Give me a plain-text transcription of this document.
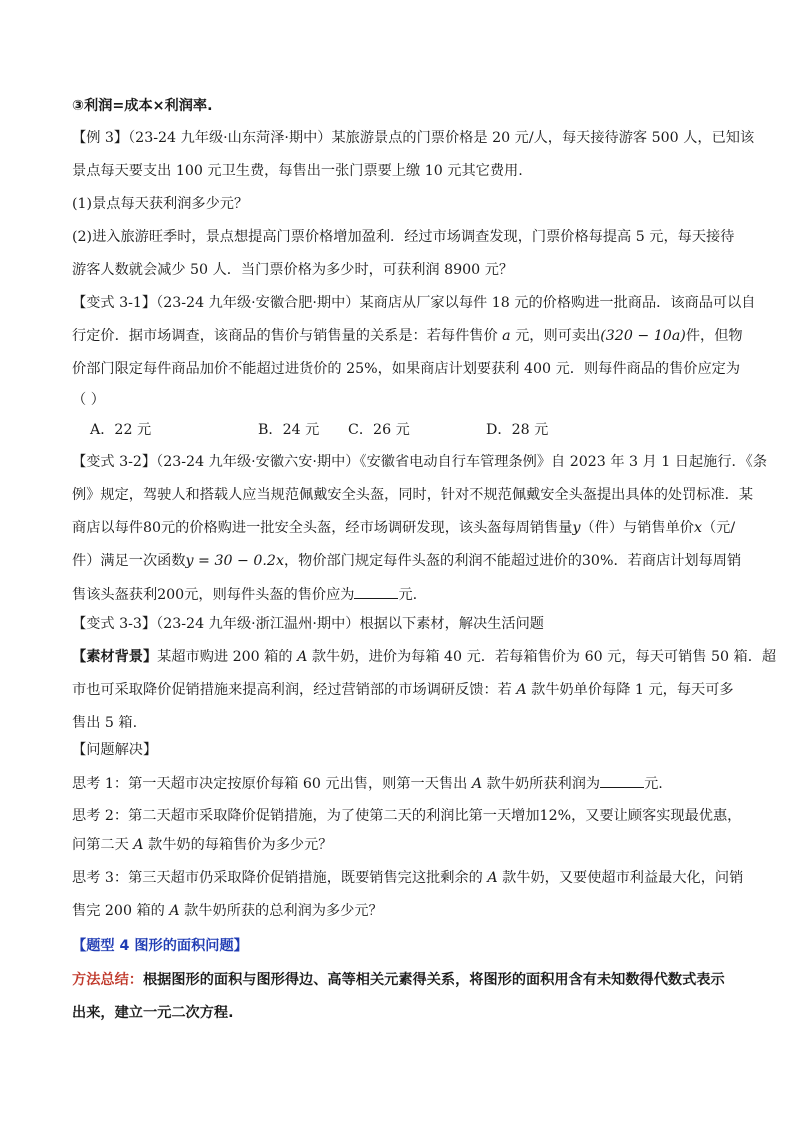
③利润=成本×利润率.

【例 3】（23-24 九年级·山东菏泽·期中）某旅游景点的门票价格是 20 元/人，每天接待游客 500 人，已知该

景点每天要支出 100 元卫生费，每售出一张门票要上缴 10 元其它费用.

(1)景点每天获利润多少元？

(2)进入旅游旺季时，景点想提高门票价格增加盈利．经过市场调查发现，门票价格每提高 5 元，每天接待

游客人数就会减少 50 人．当门票价格为多少时，可获利润 8900 元？

【变式 3-1】（23-24 九年级·安徽合肥·期中）某商店从厂家以每件 18 元的价格购进一批商品．该商品可以自

行定价．据市场调查，该商品的售价与销售量的关系是：若每件售价 a 元，则可卖出(320 − 10a)件，但物

价部门限定每件商品加价不能超过进货价的 25%，如果商店计划要获利 400 元．则每件商品的售价应定为

（ ）

A．22 元	B．24 元 C．26 元	D．28 元

【变式 3-2】（23-24 九年级·安徽六安·期中）《安徽省电动自行车管理条例》自 2023 年 3 月 1 日起施行．《条

例》规定，驾驶人和搭载人应当规范佩戴安全头盔，同时，针对不规范佩戴安全头盔提出具体的处罚标准．某

商店以每件80元的价格购进一批安全头盔，经市场调研发现，该头盔每周销售量y（件）与销售单价x（元/

件）满足一次函数y = 30 − 0.2x，物价部门规定每件头盔的利润不能超过进价的30%．若商店计划每周销

售该头盔获利200元，则每件头盔的售价应为	元.

【变式 3-3】（23-24 九年级·浙江温州·期中）根据以下素材，解决生活问题

【素材背景】某超市购进 200 箱的 A 款牛奶，进价为每箱 40 元．若每箱售价为 60 元，每天可销售 50 箱．超

市也可采取降价促销措施来提高利润，经过营销部的市场调研反馈：若 A 款牛奶单价每降 1 元，每天可多

售出 5 箱.

【问题解决】

思考 1：第一天超市决定按原价每箱 60 元出售，则第一天售出 A 款牛奶所获利润为	元.

思考 2：第二天超市采取降价促销措施，为了使第二天的利润比第一天增加12%，又要让顾客实现最优惠，

问第二天 A 款牛奶的每箱售价为多少元？

思考 3：第三天超市仍采取降价促销措施，既要销售完这批剩余的 A 款牛奶，又要使超市利益最大化，问销

售完 200 箱的 A 款牛奶所获的总利润为多少元？

【题型 4 图形的面积问题】

方法总结：根据图形的面积与图形得边、高等相关元素得关系，将图形的面积用含有未知数得代数式表示

出来，建立一元二次方程.
